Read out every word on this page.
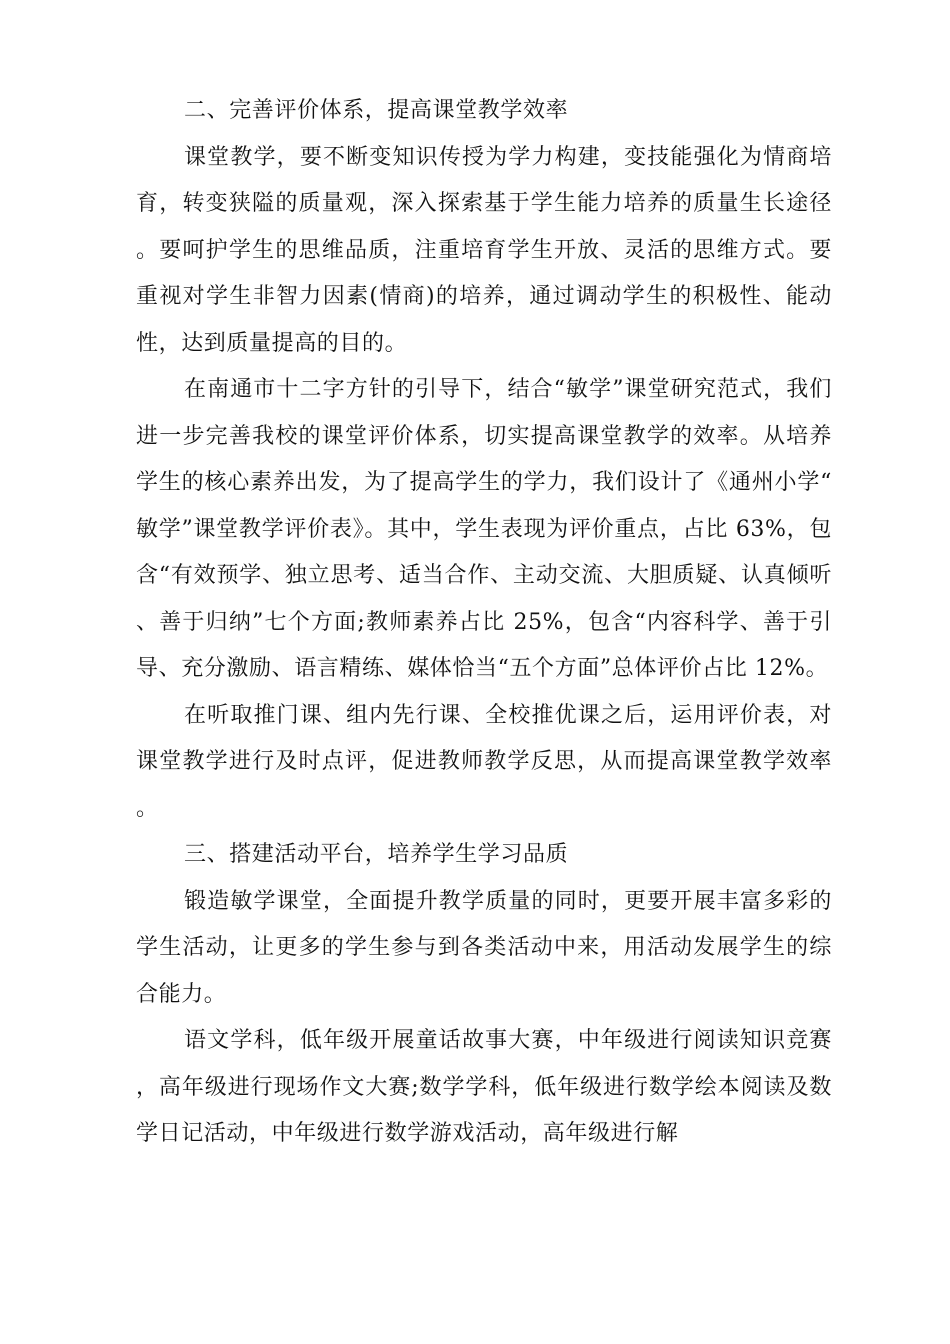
二、完善评价体系，提高课堂教学效率

课堂教学，要不断变知识传授为学力构建，变技能强化为情商培育，转变狭隘的质量观，深入探索基于学生能力培养的质量生长途径。要呵护学生的思维品质，注重培育学生开放、灵活的思维方式。要重视对学生非智力因素(情商)的培养，通过调动学生的积极性、能动性，达到质量提高的目的。

在南通市十二字方针的引导下，结合“敏学”课堂研究范式，我们进一步完善我校的课堂评价体系，切实提高课堂教学的效率。从培养学生的核心素养出发，为了提高学生的学力，我们设计了《通州小学“敏学”课堂教学评价表》。其中，学生表现为评价重点，占比 63%，包含“有效预学、独立思考、适当合作、主动交流、大胆质疑、认真倾听、善于归纳”七个方面;教师素养占比 25%，包含“内容科学、善于引导、充分激励、语言精练、媒体恰当“五个方面”总体评价占比 12%。

在听取推门课、组内先行课、全校推优课之后，运用评价表，对课堂教学进行及时点评，促进教师教学反思，从而提高课堂教学效率。

三、搭建活动平台，培养学生学习品质

锻造敏学课堂，全面提升教学质量的同时，更要开展丰富多彩的学生活动，让更多的学生参与到各类活动中来，用活动发展学生的综合能力。

语文学科，低年级开展童话故事大赛，中年级进行阅读知识竞赛，高年级进行现场作文大赛;数学学科，低年级进行数学绘本阅读及数学日记活动，中年级进行数学游戏活动，高年级进行解
